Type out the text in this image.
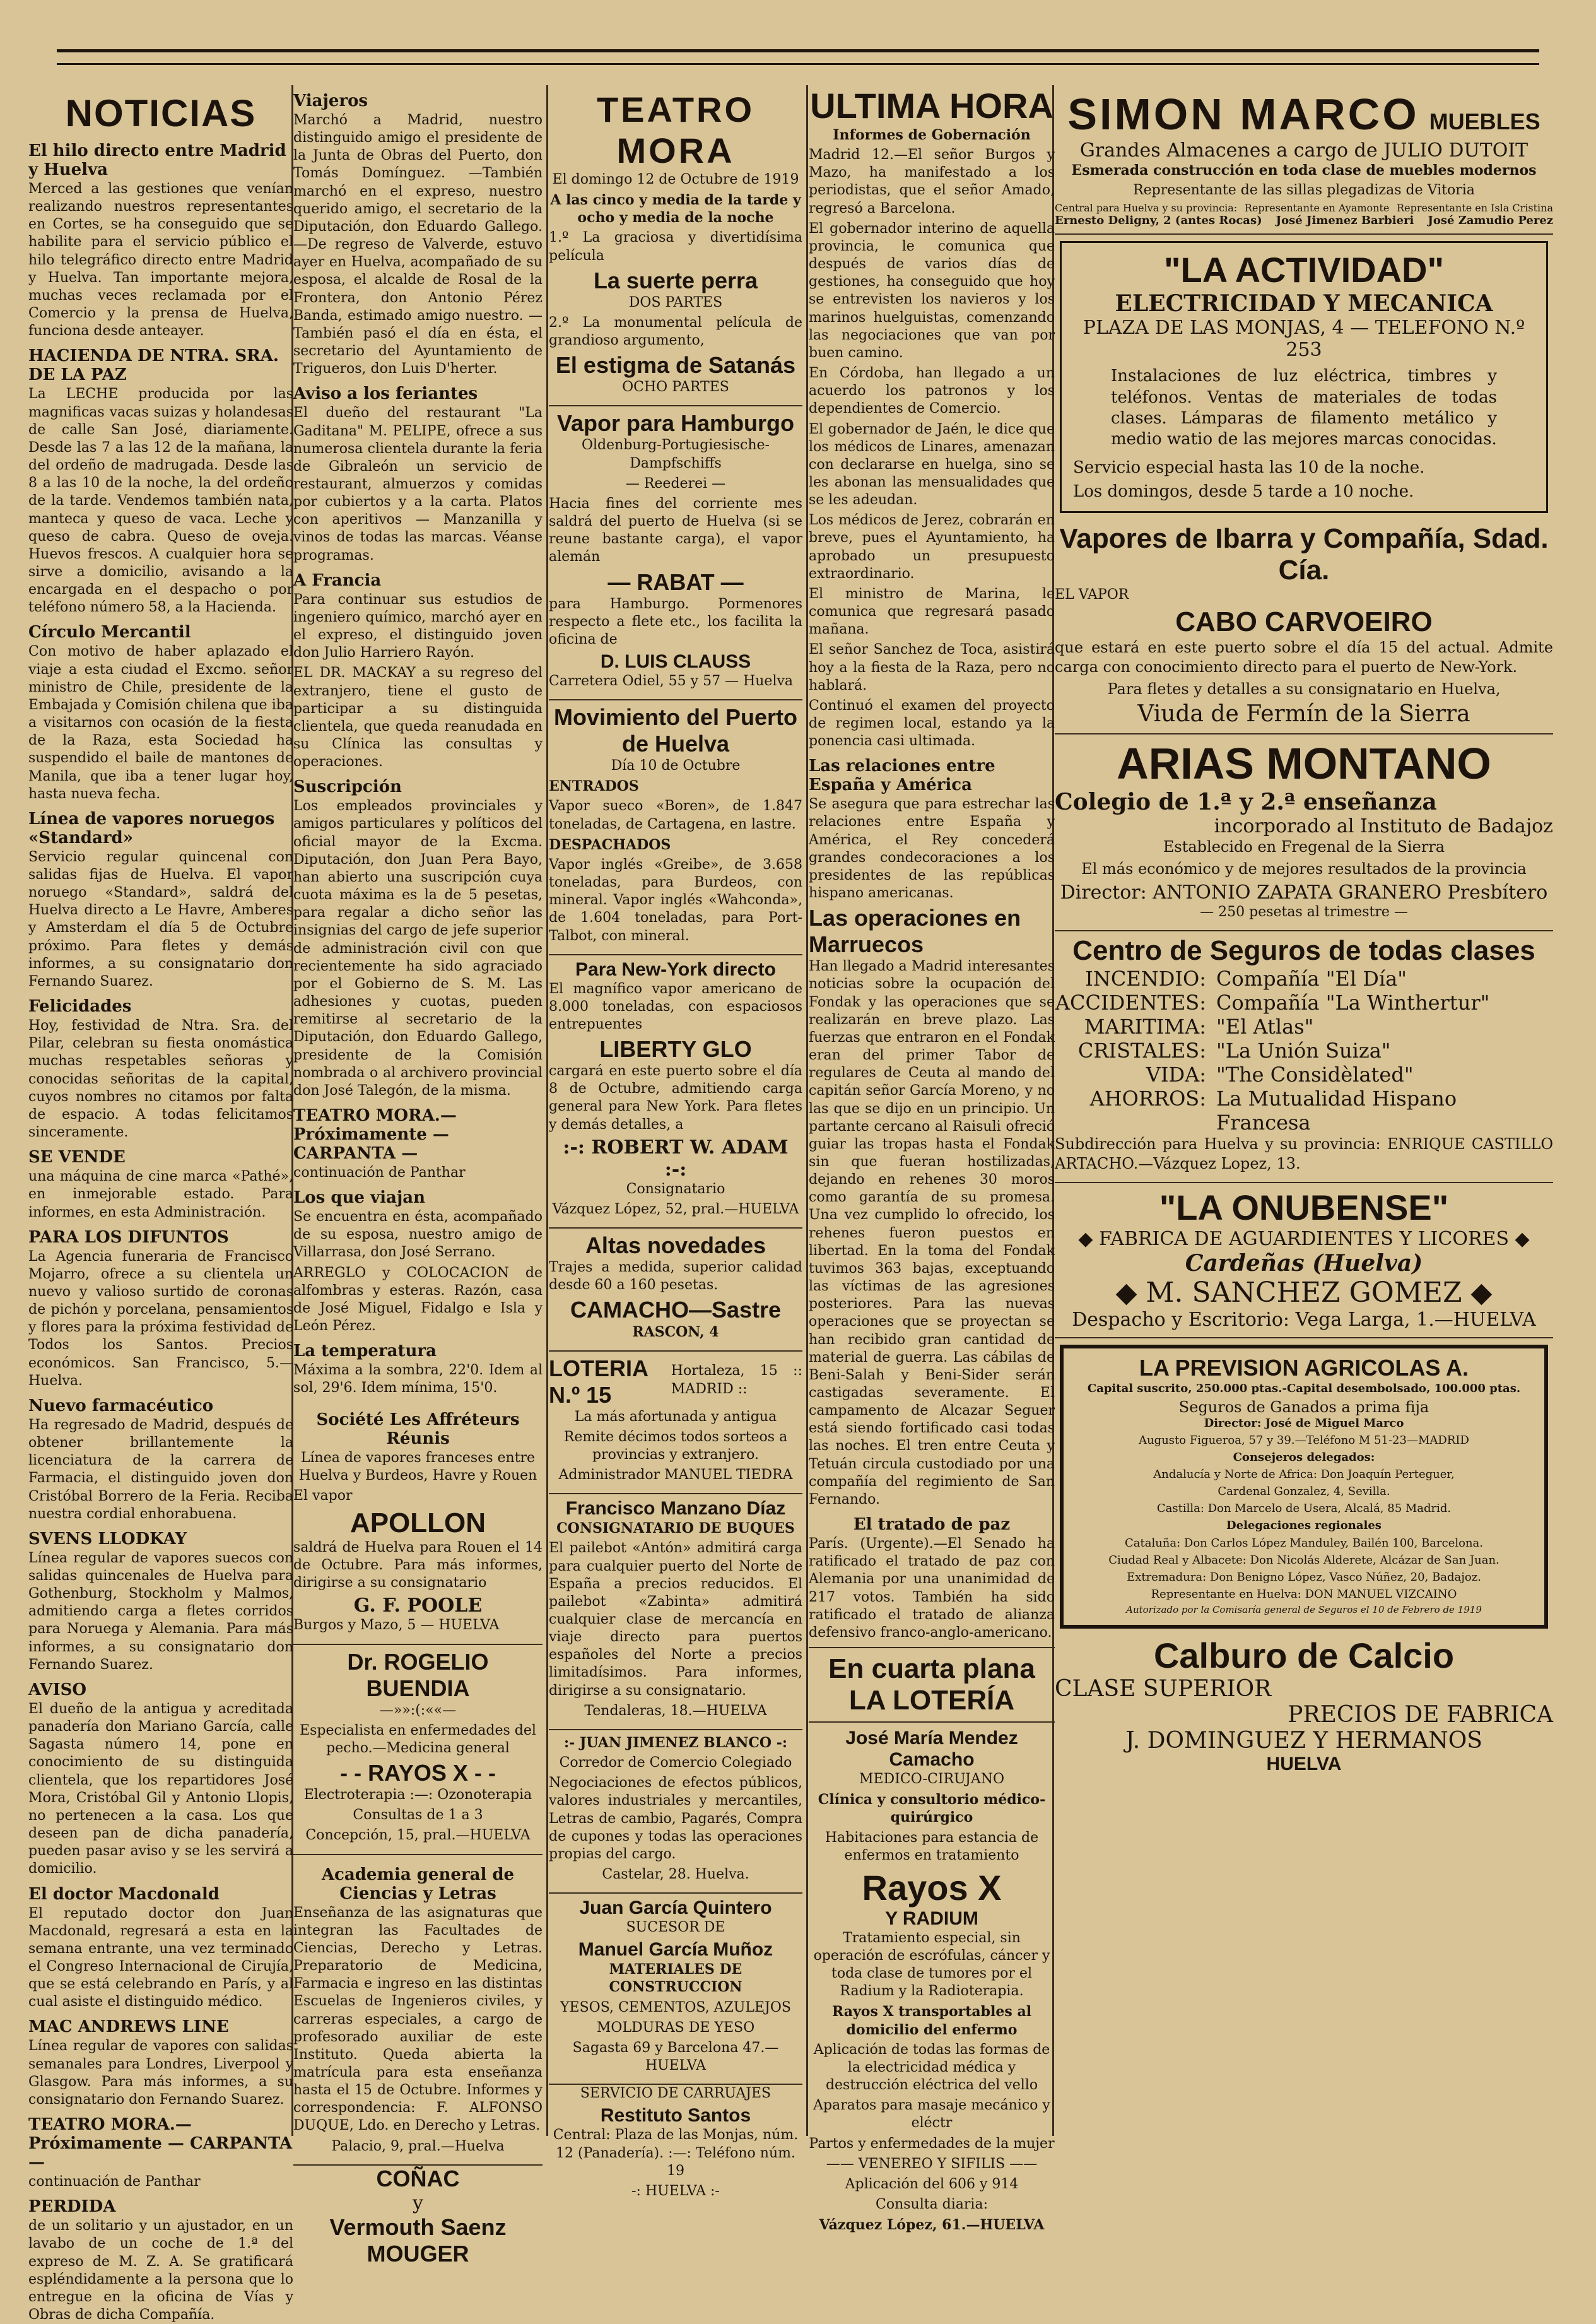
NOTICIAS
El hilo directo entre Madrid y Huelva
Merced a las gestiones que venían realizando nuestros representantes en Cortes, se ha conseguido que se habilite para el servicio público el hilo telegráfico directo entre Madrid y Huelva. Tan importante mejora, muchas veces reclamada por el Comercio y la prensa de Huelva, funciona desde anteayer.
HACIENDA DE NTRA. SRA. DE LA PAZ
La LECHE producida por las magnificas vacas suizas y holandesas de calle San José, diariamente. Desde las 7 a las 12 de la mañana, la del ordeño de madrugada. Desde las 8 a las 10 de la noche, la del ordeño de la tarde. Vendemos también nata, manteca y queso de vaca. Leche y queso de cabra. Queso de oveja. Huevos frescos. A cualquier hora se sirve a domicilio, avisando a la encargada en el despacho o por teléfono número 58, a la Hacienda.
Círculo Mercantil
Con motivo de haber aplazado el viaje a esta ciudad el Excmo. señor ministro de Chile, presidente de la Embajada y Comisión chilena que iba a visitarnos con ocasión de la fiesta de la Raza, esta Sociedad ha suspendido el baile de mantones de Manila, que iba a tener lugar hoy, hasta nueva fecha.
Línea de vapores noruegos «Standard»
Servicio regular quincenal con salidas fijas de Huelva. El vapor noruego «Standard», saldrá del Huelva directo a Le Havre, Amberes y Amsterdam el día 5 de Octubre próximo. Para fletes y demás informes, a su consignatario don Fernando Suarez.
Felicidades
Hoy, festividad de Ntra. Sra. del Pilar, celebran su fiesta onomástica muchas respetables señoras y conocidas señoritas de la capital, cuyos nombres no citamos por falta de espacio. A todas felicitamos sinceramente.
SE VENDE
una máquina de cine marca «Pathé», en inmejorable estado. Para informes, en esta Administración.
PARA LOS DIFUNTOS
La Agencia funeraria de Francisco Mojarro, ofrece a su clientela un nuevo y valioso surtido de coronas de pichón y porcelana, pensamientos y flores para la próxima festividad de Todos los Santos. Precios económicos. San Francisco, 5.—Huelva.
Nuevo farmacéutico
Ha regresado de Madrid, después de obtener brillantemente la licenciatura de la carrera de Farmacia, el distinguido joven don Cristóbal Borrero de la Feria. Reciba nuestra cordial enhorabuena.
SVENS LLODKAY
Línea regular de vapores suecos con salidas quincenales de Huelva para Gothenburg, Stockholm y Malmos, admitiendo carga a fletes corridos para Noruega y Alemania. Para más informes, a su consignatario don Fernando Suarez.
AVISO
El dueño de la antigua y acreditada panadería don Mariano García, calle Sagasta número 14, pone en conocimiento de su distinguida clientela, que los repartidores José Mora, Cristóbal Gil y Antonio Llopis, no pertenecen a la casa. Los que deseen pan de dicha panadería, pueden pasar aviso y se les servirá a domicilio.
El doctor Macdonald
El reputado doctor don Juan Macdonald, regresará a esta en la semana entrante, una vez terminado el Congreso Internacional de Cirujía, que se está celebrando en París, y al cual asiste el distinguido médico.
MAC ANDREWS LINE
Línea regular de vapores con salidas semanales para Londres, Liverpool y Glasgow. Para más informes, a su consignatario don Fernando Suarez.
TEATRO MORA.—Próximamente — CARPANTA —
continuación de Panthar
PERDIDA
de un solitario y un ajustador, en un lavabo de un coche de 1.ª del expreso de M. Z. A. Se gratificará espléndidamente a la persona que lo entregue en la oficina de Vías y Obras de dicha Compañía.
Viajeros
Marchó a Madrid, nuestro distinguido amigo el presidente de la Junta de Obras del Puerto, don Tomás Domínguez. —También marchó en el expreso, nuestro querido amigo, el secretario de la Diputación, don Eduardo Gallego. —De regreso de Valverde, estuvo ayer en Huelva, acompañado de su esposa, el alcalde de Rosal de la Frontera, don Antonio Pérez Banda, estimado amigo nuestro. —También pasó el día en ésta, el secretario del Ayuntamiento de Trigueros, don Luis D'herter.
Aviso a los feriantes
El dueño del restaurant "La Gaditana" M. PELIPE, ofrece a sus numerosa clientela durante la feria de Gibraleón un servicio de restaurant, almuerzos y comidas por cubiertos y a la carta. Platos con aperitivos — Manzanilla y vinos de todas las marcas. Véanse programas.
A Francia
Para continuar sus estudios de ingeniero químico, marchó ayer en el expreso, el distinguido joven don Julio Harriero Rayón.
EL DR. MACKAY a su regreso del extranjero, tiene el gusto de participar a su distinguida clientela, que queda reanudada en su Clínica las consultas y operaciones.
Suscripción
Los empleados provinciales y amigos particulares y políticos del oficial mayor de la Excma. Diputación, don Juan Pera Bayo, han abierto una suscripción cuya cuota máxima es la de 5 pesetas, para regalar a dicho señor las insignias del cargo de jefe superior de administración civil con que recientemente ha sido agraciado por el Gobierno de S. M. Las adhesiones y cuotas, pueden remitirse al secretario de la Diputación, don Eduardo Gallego, presidente de la Comisión nombrada o al archivero provincial don José Talegón, de la misma.
TEATRO MORA.—Próximamente — CARPANTA —
continuación de Panthar
Los que viajan
Se encuentra en ésta, acompañado de su esposa, nuestro amigo de Villarrasa, don José Serrano.
ARREGLO y COLOCACION de alfombras y esteras. Razón, casa de José Miguel, Fidalgo e Isla y León Pérez.
La temperatura
Máxima a la sombra, 22'0. Idem al sol, 29'6. Idem mínima, 15'0.
Société Les Affréteurs Réunis
Línea de vapores franceses entre Huelva y Burdeos, Havre y Rouen
El vapor
APOLLON
saldrá de Huelva para Rouen el 14 de Octubre. Para más informes, dirigirse a su consignatario
G. F. POOLE
Burgos y Mazo, 5 — HUELVA
Dr. ROGELIO BUENDIA
—»»:(:««—
Especialista en enfermedades del pecho.—Medicina general
- - RAYOS X - -
Electroterapia :—: Ozonoterapia
Consultas de 1 a 3
Concepción, 15, pral.—HUELVA
Academia general de Ciencias y Letras
Enseñanza de las asignaturas que integran las Facultades de Ciencias, Derecho y Letras. Preparatorio de Medicina, Farmacia e ingreso en las distintas Escuelas de Ingenieros civiles, y carreras especiales, a cargo de profesorado auxiliar de este Instituto. Queda abierta la matrícula para esta enseñanza hasta el 15 de Octubre. Informes y correspondencia: F. ALFONSO DUQUE, Ldo. en Derecho y Letras.
Palacio, 9, pral.—Huelva
COÑAC
y
Vermouth Saenz
MOUGER
TEATRO MORA
El domingo 12 de Octubre de 1919
A las cinco y media de la tarde y ocho y media de la noche
1.º La graciosa y divertidísima película
La suerte perra
DOS PARTES
2.º La monumental película de grandioso argumento,
El estigma de Satanás
OCHO PARTES
Vapor para Hamburgo
Oldenburg-Portugiesische-Dampfschiffs
— Reederei —
Hacia fines del corriente mes saldrá del puerto de Huelva (si se reune bastante carga), el vapor alemán
— RABAT —
para Hamburgo. Pormenores respecto a flete etc., los facilita la oficina de
D. LUIS CLAUSS
Carretera Odiel, 55 y 57 — Huelva
Movimiento del Puerto de Huelva
Día 10 de Octubre
ENTRADOS
Vapor sueco «Boren», de 1.847 toneladas, de Cartagena, en lastre.
DESPACHADOS
Vapor inglés «Greibe», de 3.658 toneladas, para Burdeos, con mineral. Vapor inglés «Wahconda», de 1.604 toneladas, para Port-Talbot, con mineral.
Para New-York directo
El magnífico vapor americano de 8.000 toneladas, con espaciosos entrepuentes
LIBERTY GLO
cargará en este puerto sobre el día 8 de Octubre, admitiendo carga general para New York. Para fletes y demás detalles, a
:-: ROBERT W. ADAM :-:
Consignatario
Vázquez López, 52, pral.—HUELVA
Altas novedades
Trajes a medida, superior calidad desde 60 a 160 pesetas.
CAMACHO—Sastre
RASCON, 4
LOTERIA N.º 15
Hortaleza, 15 :: MADRID ::
La más afortunada y antigua
Remite décimos todos sorteos a provincias y extranjero.
Administrador MANUEL TIEDRA
Francisco Manzano Díaz
CONSIGNATARIO DE BUQUES
El pailebot «Antón» admitirá carga para cualquier puerto del Norte de España a precios reducidos. El pailebot «Zabinta» admitirá cualquier clase de mercancía en viaje directo para puertos españoles del Norte a precios limitadísimos. Para informes, dirigirse a su consignatario.
Tendaleras, 18.—HUELVA
:- JUAN JIMENEZ BLANCO -:
Corredor de Comercio Colegiado
Negociaciones de efectos públicos, valores industriales y mercantiles, Letras de cambio, Pagarés, Compra de cupones y todas las operaciones propias del cargo.
Castelar, 28. Huelva.
Juan García Quintero
SUCESOR DE
Manuel García Muñoz
MATERIALES DE CONSTRUCCION
YESOS, CEMENTOS, AZULEJOS
MOLDURAS DE YESO
Sagasta 69 y Barcelona 47.—HUELVA
SERVICIO DE CARRUAJES
Restituto Santos
Central: Plaza de las Monjas, núm. 12 (Panadería). :—: Teléfono núm. 19
-: HUELVA :-
ULTIMA HORA
Informes de Gobernación
Madrid 12.—El señor Burgos y Mazo, ha manifestado a los periodistas, que el señor Amado, regresó a Barcelona.
El gobernador interino de aquella provincia, le comunica que después de varios días de gestiones, ha conseguido que hoy se entrevisten los navieros y los marinos huelguistas, comenzando las negociaciones que van por buen camino.
En Córdoba, han llegado a un acuerdo los patronos y los dependientes de Comercio.
El gobernador de Jaén, le dice que los médicos de Linares, amenazan con declararse en huelga, sino se les abonan las mensualidades que se les adeudan.
Los médicos de Jerez, cobrarán en breve, pues el Ayuntamiento, ha aprobado un presupuesto extraordinario.
El ministro de Marina, le comunica que regresará pasado mañana.
El señor Sanchez de Toca, asistirá hoy a la fiesta de la Raza, pero no hablará.
Continuó el examen del proyecto de regimen local, estando ya la ponencia casi ultimada.
Las relaciones entre España y América
Se asegura que para estrechar las relaciones entre España y América, el Rey concederá grandes condecoraciones a los presidentes de las repúblicas hispano americanas.
Las operaciones en Marruecos
Han llegado a Madrid interesantes noticias sobre la ocupación del Fondak y las operaciones que se realizarán en breve plazo. Las fuerzas que entraron en el Fondak eran del primer Tabor de regulares de Ceuta al mando del capitán señor García Moreno, y no las que se dijo en un principio. Un partante cercano al Raisuli ofreció guiar las tropas hasta el Fondak sin que fueran hostilizadas, dejando en rehenes 30 moros como garantía de su promesa. Una vez cumplido lo ofrecido, los rehenes fueron puestos en libertad. En la toma del Fondak tuvimos 363 bajas, exceptuando las víctimas de las agresiones posteriores. Para las nuevas operaciones que se proyectan se han recibido gran cantidad de material de guerra. Las cábilas de Beni-Salah y Beni-Sider serán castigadas severamente. El campamento de Alcazar Seguer está siendo fortificado casi todas las noches. El tren entre Ceuta y Tetuán circula custodiado por una compañía del regimiento de San Fernando.
El tratado de paz
París. (Urgente).—El Senado ha ratificado el tratado de paz con Alemania por una unanimidad de 217 votos. También ha sido ratificado el tratado de alianza defensivo franco-anglo-americano.
En cuarta plana
LA LOTERÍA
José María Mendez Camacho
MEDICO-CIRUJANO
Clínica y consultorio médico-quirúrgico
Habitaciones para estancia de enfermos en tratamiento
Rayos X
Y RADIUM
Tratamiento especial, sin operación de escrófulas, cáncer y toda clase de tumores por el Radium y la Radioterapia.
Rayos X transportables al domicilio del enfermo
Aplicación de todas las formas de la electricidad médica y destrucción eléctrica del vello
Aparatos para masaje mecánico y eléctr
Partos y enfermedades de la mujer
—— VENEREO Y SIFILIS ——
Aplicación del 606 y 914
Consulta diaria:
Vázquez López, 61.—HUELVA
SIMON MARCO MUEBLES
Grandes Almacenes a cargo de JULIO DUTOIT
Esmerada construcción en toda clase de muebles modernos
Representante de las sillas plegadizas de Vitoria
Central para Huelva y su provincia: Representante en Ayamonte Representante en Isla Cristina
Ernesto Deligny, 2 (antes Rocas) José Jimenez Barbieri José Zamudio Perez
"LA ACTIVIDAD"
ELECTRICIDAD Y MECANICA
PLAZA DE LAS MONJAS, 4 — TELEFONO N.º 253
Instalaciones de luz eléctrica, timbres y teléfonos. Ventas de materiales de todas clases. Lámparas de filamento metálico y medio watio de las mejores marcas conocidas.
Servicio especial hasta las 10 de la noche.
Los domingos, desde 5 tarde a 10 noche.
Vapores de Ibarra y Compañía, Sdad. Cía.
EL VAPOR
CABO CARVOEIRO
que estará en este puerto sobre el día 15 del actual. Admite carga con conocimiento directo para el puerto de New-York.
Para fletes y detalles a su consignatario en Huelva,
Viuda de Fermín de la Sierra
ARIAS MONTANO
Colegio de 1.ª y 2.ª enseñanza
incorporado al Instituto de Badajoz
Establecido en Fregenal de la Sierra
El más económico y de mejores resultados de la provincia
Director: ANTONIO ZAPATA GRANERO Presbítero
— 250 pesetas al trimestre —
Centro de Seguros de todas clases
INCENDIO: Compañía "El Día"
ACCIDENTES: Compañía "La Winthertur"
MARITIMA: "El Atlas"
CRISTALES: "La Unión Suiza"
VIDA: "The Considèlated"
AHORROS: La Mutualidad Hispano Francesa
Subdirección para Huelva y su provincia: ENRIQUE CASTILLO ARTACHO.—Vázquez Lopez, 13.
"LA ONUBENSE"
◆ FABRICA DE AGUARDIENTES Y LICORES ◆
Cardeñas (Huelva)
◆ M. SANCHEZ GOMEZ ◆
Despacho y Escritorio: Vega Larga, 1.—HUELVA
LA PREVISION AGRICOLAS A.
Capital suscrito, 250.000 ptas.-Capital desembolsado, 100.000 ptas.
Seguros de Ganados a prima fija
Director: José de Miguel Marco
Augusto Figueroa, 57 y 39.—Teléfono M 51-23—MADRID
Consejeros delegados:
Andalucía y Norte de Africa: Don Joaquín Perteguer,
Cardenal Gonzalez, 4, Sevilla.
Castilla: Don Marcelo de Usera, Alcalá, 85 Madrid.
Delegaciones regionales
Cataluña: Don Carlos López Manduley, Bailén 100, Barcelona.
Ciudad Real y Albacete: Don Nicolás Alderete, Alcázar de San Juan.
Extremadura: Don Benigno López, Vasco Núñez, 20, Badajoz.
Representante en Huelva: DON MANUEL VIZCAINO
Autorizado por la Comisaría general de Seguros el 10 de Febrero de 1919
Calburo de Calcio
CLASE SUPERIOR
PRECIOS DE FABRICA
J. DOMINGUEZ Y HERMANOS
HUELVA
